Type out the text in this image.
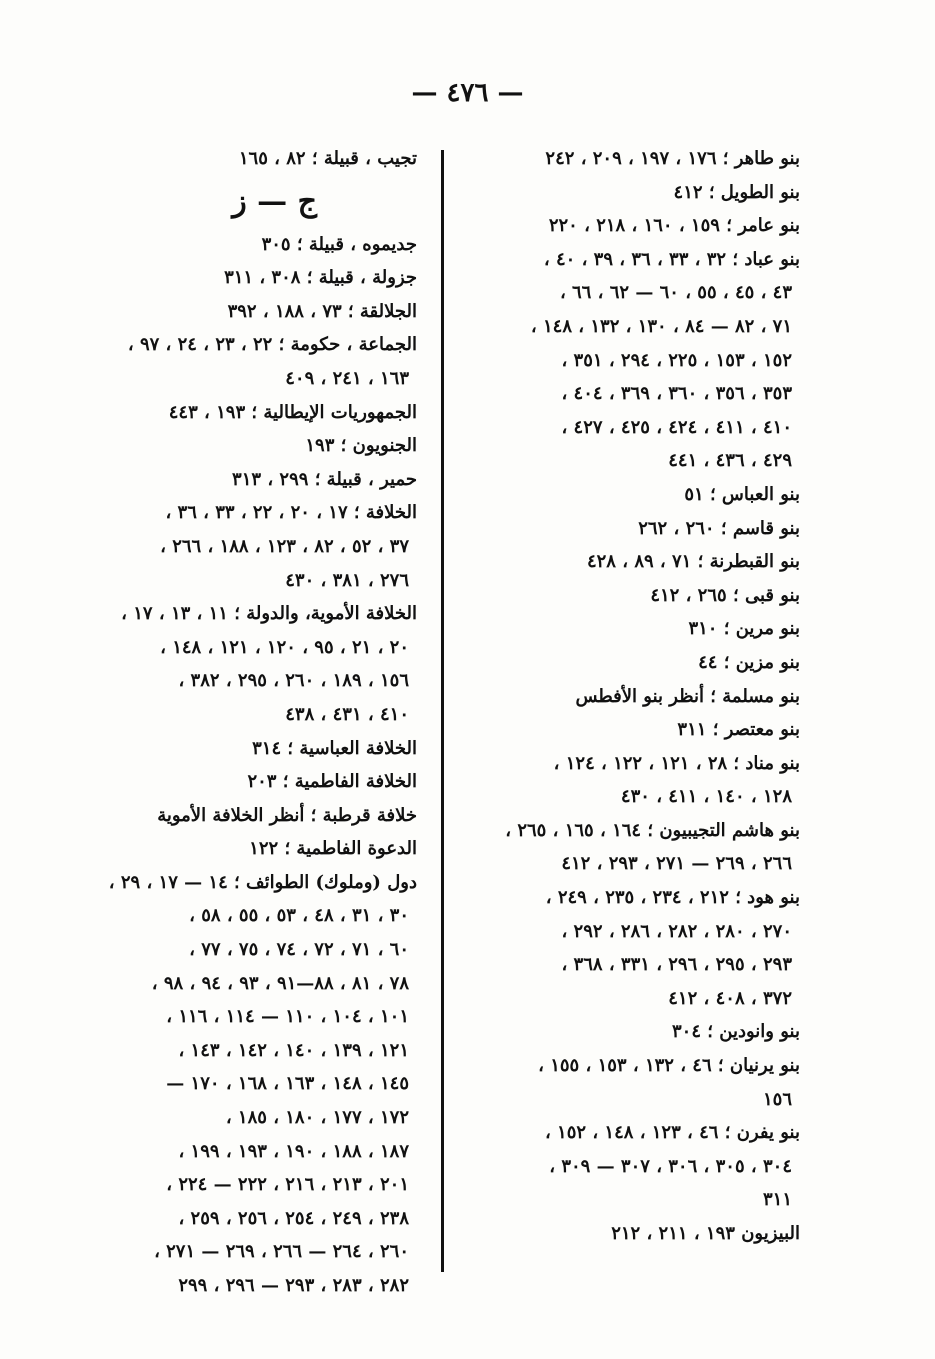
— ٤٧٦ —
بنو طاهر ؛ ١٧٦ ، ١٩٧ ، ٢٠٩ ، ٢٤٢
بنو الطويل ؛ ٤١٢
بنو عامر ؛ ١٥٩ ، ١٦٠ ، ٢١٨ ، ٢٢٠
بنو عباد ؛ ٣٢ ، ٣٣ ، ٣٦ ، ٣٩ ، ٤٠ ،
٤٣ ، ٤٥ ، ٥٥ ، ٦٠ — ٦٢ ، ٦٦ ،
٧١ ، ٨٢ — ٨٤ ، ١٣٠ ، ١٣٢ ، ١٤٨ ،
١٥٢ ، ١٥٣ ، ٢٢٥ ، ٢٩٤ ، ٣٥١ ،
٣٥٣ ، ٣٥٦ ، ٣٦٠ ، ٣٦٩ ، ٤٠٤ ،
٤١٠ ، ٤١١ ، ٤٢٤ ، ٤٢٥ ، ٤٢٧ ،
٤٢٩ ، ٤٣٦ ، ٤٤١
بنو العباس ؛ ٥١
بنو قاسم ؛ ٢٦٠ ، ٢٦٢
بنو القبطرنة ؛ ٧١ ، ٨٩ ، ٤٢٨
بنو قبى ؛ ٢٦٥ ، ٤١٢
بنو مرين ؛ ٣١٠
بنو مزين ؛ ٤٤
بنو مسلمة ؛ أنظر بنو الأفطس
بنو معتصر ؛ ٣١١
بنو مناد ؛ ٢٨ ، ١٢١ ، ١٢٢ ، ١٢٤ ،
١٢٨ ، ١٤٠ ، ٤١١ ، ٤٣٠
بنو هاشم التجيبيون ؛ ١٦٤ ، ١٦٥ ، ٢٦٥ ،
٢٦٦ ، ٢٦٩ — ٢٧١ ، ٢٩٣ ، ٤١٢
بنو هود ؛ ٢١٢ ، ٢٣٤ ، ٢٣٥ ، ٢٤٩ ،
٢٧٠ ، ٢٨٠ ، ٢٨٢ ، ٢٨٦ ، ٢٩٢ ،
٢٩٣ ، ٢٩٥ ، ٢٩٦ ، ٣٣١ ، ٣٦٨ ،
٣٧٢ ، ٤٠٨ ، ٤١٢
بنو وانودين ؛ ٣٠٤
بنو يرنيان ؛ ٤٦ ، ١٣٢ ، ١٥٣ ، ١٥٥ ،
١٥٦
بنو يفرن ؛ ٤٦ ، ١٢٣ ، ١٤٨ ، ١٥٢ ،
٣٠٤ ، ٣٠٥ ، ٣٠٦ ، ٣٠٧ — ٣٠٩ ،
٣١١
البيزيون ١٩٣ ، ٢١١ ، ٢١٢
تجيب ، قبيلة ؛ ٨٢ ، ١٦٥
ج — ز
جديموه ، قبيلة ؛ ٣٠٥
جزولة ، قبيلة ؛ ٣٠٨ ، ٣١١
الجلالقة ؛ ٧٣ ، ١٨٨ ، ٣٩٢
الجماعة ، حكومة ؛ ٢٢ ، ٢٣ ، ٢٤ ، ٩٧ ،
١٦٣ ، ٢٤١ ، ٤٠٩
الجمهوريات الإيطالية ؛ ١٩٣ ، ٤٤٣
الجنويون ؛ ١٩٣
حمير ، قبيلة ؛ ٢٩٩ ، ٣١٣
الخلافة ؛ ١٧ ، ٢٠ ، ٢٢ ، ٣٣ ، ٣٦ ،
٣٧ ، ٥٢ ، ٨٢ ، ١٢٣ ، ١٨٨ ، ٢٦٦ ،
٢٧٦ ، ٣٨١ ، ٤٣٠
الخلافة الأموية، والدولة ؛ ١١ ، ١٣ ، ١٧ ،
٢٠ ، ٢١ ، ٩٥ ، ١٢٠ ، ١٢١ ، ١٤٨ ،
١٥٦ ، ١٨٩ ، ٢٦٠ ، ٢٩٥ ، ٣٨٢ ،
٤١٠ ، ٤٣١ ، ٤٣٨
الخلافة العباسية ؛ ٣١٤
الخلافة الفاطمية ؛ ٢٠٣
خلافة قرطبة ؛ أنظر الخلافة الأموية
الدعوة الفاطمية ؛ ١٢٢
دول (وملوك) الطوائف ؛ ١٤ — ١٧ ، ٢٩ ،
٣٠ ، ٣١ ، ٤٨ ، ٥٣ ، ٥٥ ، ٥٨ ،
٦٠ ، ٧١ ، ٧٢ ، ٧٤ ، ٧٥ ، ٧٧ ،
٧٨ ، ٨١ ، ٨٨—٩١ ، ٩٣ ، ٩٤ ، ٩٨ ،
١٠١ ، ١٠٤ ، ١١٠ — ١١٤ ، ١١٦ ،
١٢١ ، ١٣٩ ، ١٤٠ ، ١٤٢ ، ١٤٣ ،
١٤٥ ، ١٤٨ ، ١٦٣ ، ١٦٨ ، ١٧٠ —
١٧٢ ، ١٧٧ ، ١٨٠ ، ١٨٥ ،
١٨٧ ، ١٨٨ ، ١٩٠ ، ١٩٣ ، ١٩٩ ،
٢٠١ ، ٢١٣ ، ٢١٦ ، ٢٢٢ — ٢٢٤ ،
٢٣٨ ، ٢٤٩ ، ٢٥٤ ، ٢٥٦ ، ٢٥٩ ،
٢٦٠ ، ٢٦٤ — ٢٦٦ ، ٢٦٩ — ٢٧١ ،
٢٨٢ ، ٢٨٣ ، ٢٩٣ — ٢٩٦ ، ٢٩٩
